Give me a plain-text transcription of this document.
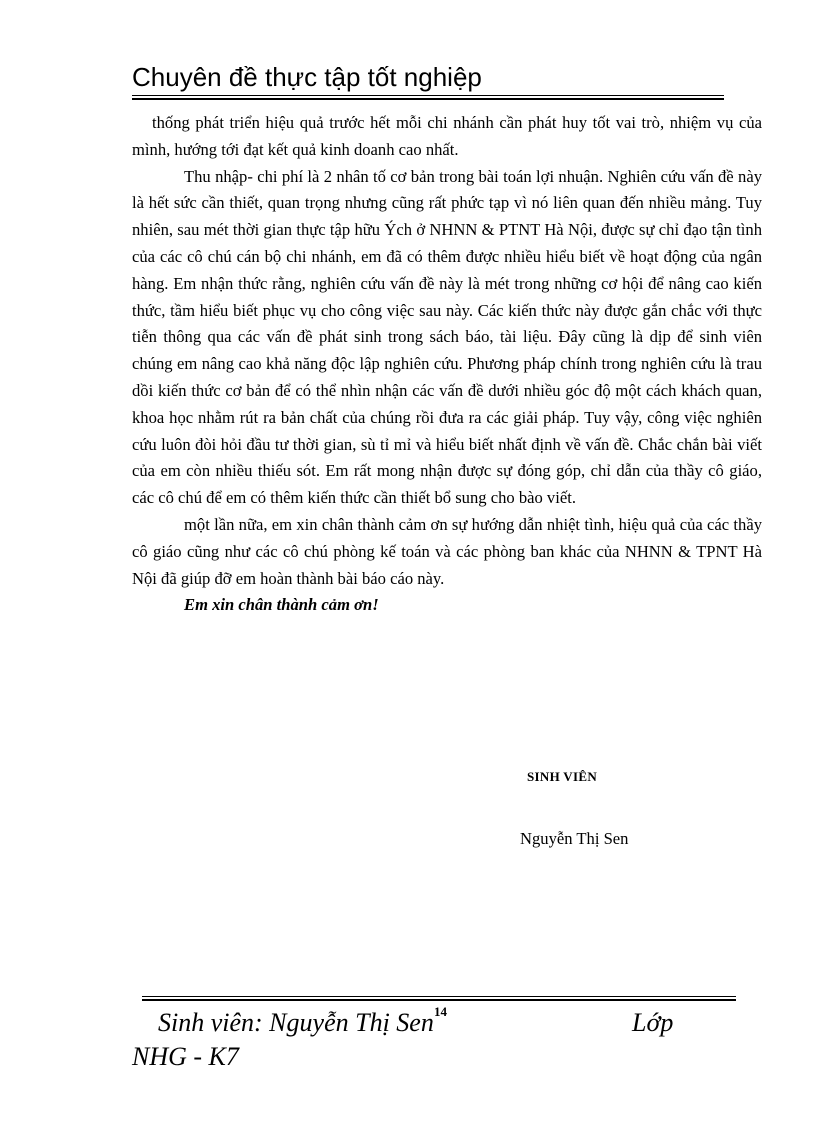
Chuyên đề thực tập tốt nghiệp

thống phát triển hiệu quả trước hết mỗi chi nhánh cần phát huy tốt vai trò, nhiệm vụ của mình, hướng tới đạt kết quả kinh doanh cao nhất.

Thu nhập- chi phí là 2 nhân tố cơ bản trong bài toán lợi nhuận. Nghiên cứu vấn đề này là hết sức cần thiết, quan trọng nhưng cũng rất phức tạp vì nó liên quan đến nhiều mảng. Tuy nhiên, sau mét thời gian thực tập hữu Ých ở NHNN & PTNT Hà Nội, được sự chỉ đạo tận tình của các cô chú cán bộ chi nhánh, em đã có thêm được nhiều hiểu biết về hoạt động của ngân hàng. Em nhận thức rằng, nghiên cứu vấn đề này là mét trong những cơ hội để nâng cao kiến thức, tầm hiểu biết phục vụ cho công việc sau này. Các kiến thức này được gắn chắc với thực tiễn thông qua các vấn đề phát sinh trong sách báo, tài liệu. Đây cũng là dịp để sinh viên chúng em nâng cao khả năng độc lập nghiên cứu. Phương pháp chính trong nghiên cứu là trau dồi kiến thức cơ bản để có thể nhìn nhận các vấn đề dưới nhiều góc độ một cách khách quan, khoa học nhằm rút ra bản chất của chúng rồi đưa ra các giải pháp. Tuy vậy, công việc nghiên cứu luôn đòi hỏi đầu tư thời gian, sù tỉ mỉ và hiểu biết nhất định về vấn đề. Chắc chắn bài viết của em còn nhiều thiếu sót. Em rất mong nhận được sự đóng góp, chỉ dẫn của thầy cô giáo, các cô chú để em có thêm kiến thức cần thiết bổ sung cho bào viết.

một lần nữa, em xin chân thành cảm ơn sự hướng dẫn nhiệt tình, hiệu quả của các thầy cô giáo cũng như các cô chú phòng kế toán và các phòng ban khác của NHNN & TPNT Hà Nội đã giúp đỡ em hoàn thành bài báo cáo này.

Em xin chân thành cảm ơn!

SINH VIÊN
Nguyễn Thị Sen
Sinh viên: Nguyễn Thị Sen	Lớp
14
NHG - K7
